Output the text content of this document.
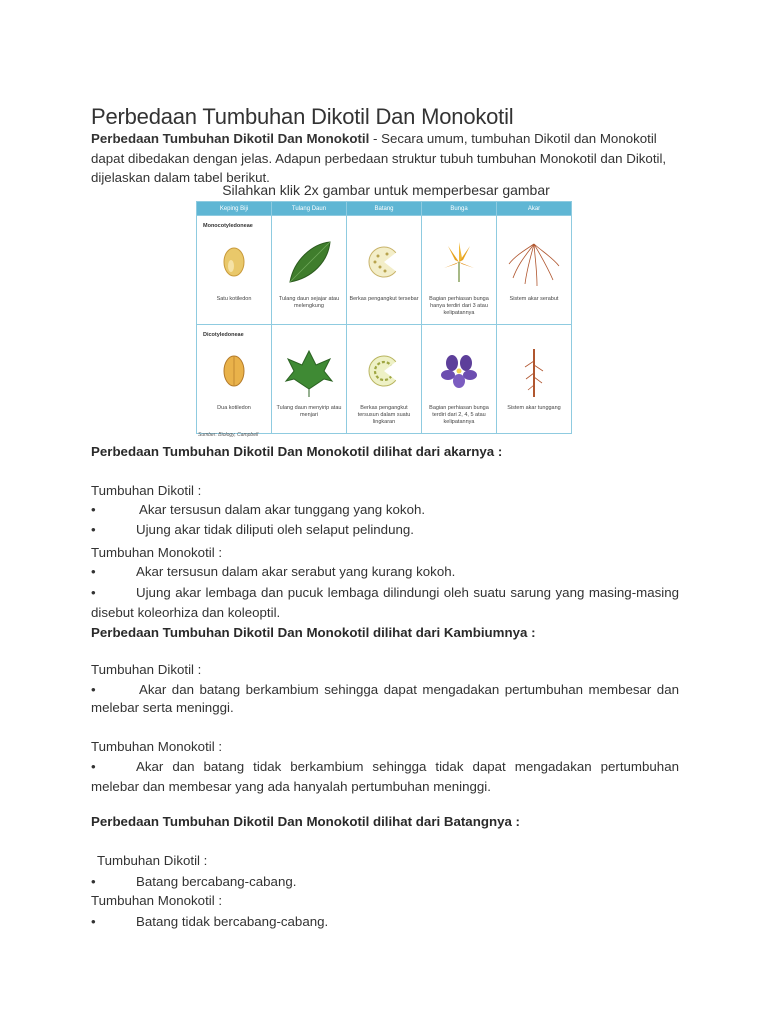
Perbedaan Tumbuhan Dikotil Dan Monokotil
Perbedaan Tumbuhan Dikotil Dan Monokotil - Secara umum, tumbuhan Dikotil dan Monokotil dapat dibedakan dengan jelas. Adapun perbedaan struktur tubuh tumbuhan Monokotil dan Dikotil, dijelaskan dalam tabel berikut.
Silahkan klik 2x gambar untuk memperbesar gambar
Keping Biji	Tulang Daun	Batang	Bunga	Akar

Monocotyledoneae
Satu kotiledon	Tulang daun sejajar atau melengkung	Berkas pengangkut tersebar	Bagian perhiasan bunga hanya terdiri dari 3 atau kelipatannya	Sistem akar serabut

Dicotyledoneae
Dua kotiledon	Tulang daun menyirip atau menjari	Berkas pengangkut tersusun dalam suatu lingkaran	Bagian perhiasan bunga terdiri dari 2, 4, 5 atau kelipatannya	Sistem akar tunggang
Sumber: Biology, Campbell
Perbedaan Tumbuhan Dikotil Dan Monokotil dilihat dari akarnya :
Tumbuhan Dikotil :
•	Akar tersusun dalam akar tunggang yang kokoh.
•	Ujung akar tidak diliputi oleh selaput pelindung.
Tumbuhan Monokotil :
•	Akar tersusun dalam akar serabut yang kurang kokoh.
•	Ujung akar lembaga dan pucuk lembaga dilindungi oleh suatu sarung yang masing-masing disebut koleorhiza dan koleoptil.
Perbedaan Tumbuhan Dikotil Dan Monokotil dilihat dari Kambiumnya :
Tumbuhan Dikotil :
•	Akar dan batang berkambium sehingga dapat mengadakan pertumbuhan membesar dan melebar serta meninggi.
Tumbuhan Monokotil :
•	Akar dan batang tidak berkambium sehingga tidak dapat mengadakan pertumbuhan melebar dan membesar yang ada hanyalah pertumbuhan meninggi.
Perbedaan Tumbuhan Dikotil Dan Monokotil dilihat dari Batangnya :
Tumbuhan Dikotil :
•	Batang bercabang-cabang.
Tumbuhan Monokotil :
•	Batang tidak bercabang-cabang.
